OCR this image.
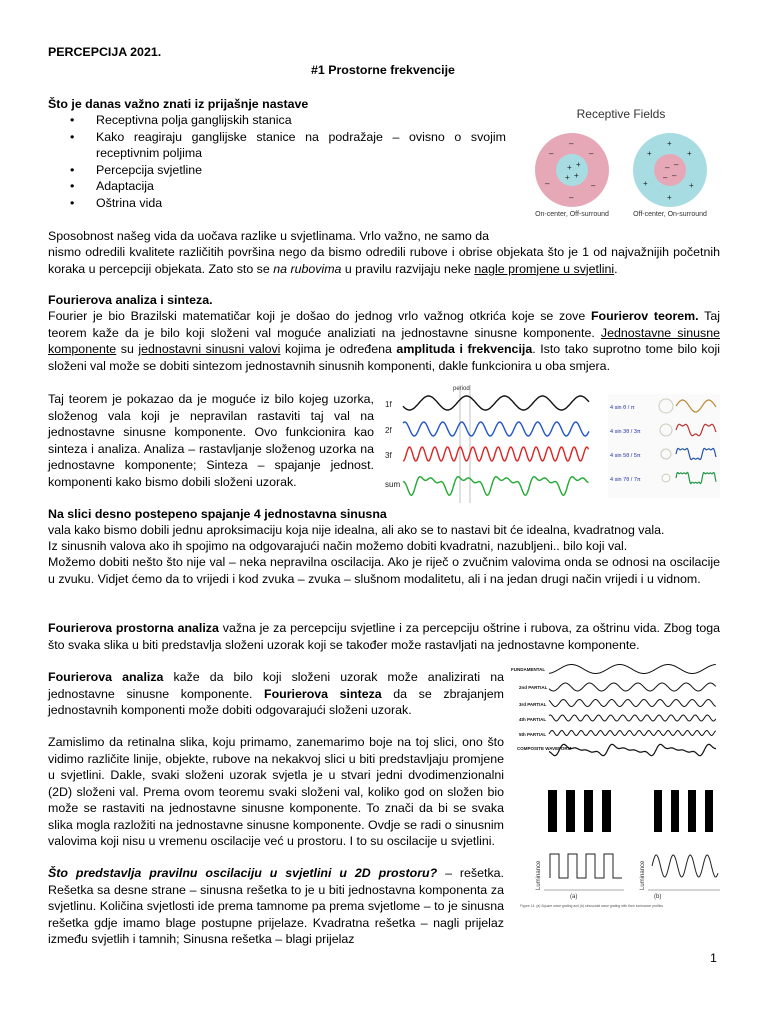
PERCEPCIJA 2021.
#1 Prostorne frekvencije
Što je danas važno znati iz prijašnje nastave
• Receptivna polja ganglijskih stanica
• Kako reagiraju ganglijske stanice na podražaje – ovisno o svojim receptivnim poljima
• Percepcija svjetline
• Adaptacija
• Oštrina vida
Receptive Fields
+
+
+
+
–	–
–	–
–
–
–
–
–
–
+	+
+	+
+
+
On-center, Off-surround	Off-center, On-surround
Sposobnost našeg vida da uočava razlike u svjetlinama. Vrlo važno, ne samo da
nismo odredili kvalitete različitih površina nego da bismo odredili rubove i obrise objekata što je 1 od najvažnijih početnih koraka u percepciji objekata. Zato sto se na rubovima u pravilu razvijaju neke nagle promjene u svjetlini.
Fourierova analiza i sinteza.
Fourier je bio Brazilski matematičar koji je došao do jednog vrlo važnog otkrića koje se zove Fourierov teorem. Taj teorem kaže da je bilo koji složeni val moguće analiziati na jednostavne sinusne komponente. Jednostavne sinusne komponente su jednostavni sinusni valovi kojima je određena amplituda i frekvencija. Isto tako suprotno tome bilo koji složeni val može se dobiti sintezom jednostavnih sinusnih komponenti, dakle funkcionira u oba smjera.
Taj teorem je pokazao da je moguće iz bilo kojeg uzorka, složenog vala koji je nepravilan rastaviti taj val na jednostavne sinusne komponente. Ovo funkcionira kao sinteza i analiza. Analiza – rastavljanje složenog uzorka na jednostavne komponente; Sinteza – spajanje jednost. komponenti kako bismo dobili složeni uzorak.
period
1f
2f
3f
sum
4 sin θ / π
4 sin 3θ / 3π
4 sin 5θ / 5π
4 sin 7θ / 7π
Na slici desno postepeno spajanje 4 jednostavna sinusna
vala kako bismo dobili jednu aproksimaciju koja nije idealna, ali ako se to nastavi bit će idealna, kvadratnog vala.
Iz sinusnih valova ako ih spojimo na odgovarajući način možemo dobiti kvadratni, nazubljeni.. bilo koji val.
Možemo dobiti nešto što nije val – neka nepravilna oscilacija. Ako je riječ o zvučnim valovima onda se odnosi na oscilacije u zvuku. Vidjet ćemo da to vrijedi i kod zvuka – zvuka – slušnom modalitetu, ali i na jedan drugi način vrijedi i u vidnom.
Fourierova prostorna analiza važna je za percepciju svjetline i za percepciju oštrine i rubova, za oštrinu vida. Zbog toga što svaka slika u biti predstavlja složeni uzorak koji se također može rastavljati na jednostavne komponente.
Fourierova analiza kaže da bilo koji složeni uzorak može analizirati na jednostavne sinusne komponente. Fourierova sinteza da se zbrajanjem jednostavnih komponenti može dobiti odgovarajući složeni uzorak.
FUNDAMENTAL
2nd PARTIAL
3rd PARTIAL
4th PARTIAL
5th PARTIAL
COMPOSITE WAVEFORM
Zamislimo da retinalna slika, koju primamo, zanemarimo boje na toj slici, ono što vidimo različite linije, objekte, rubove na nekakvoj slici u biti predstavljaju promjene u svjetlini. Dakle, svaki složeni uzorak svjetla je u stvari jedni dvodimenzionalni (2D) složeni val. Prema ovom teoremu svaki složeni val, koliko god on složen bio može se rastaviti na jednostavne sinusne komponente. To znači da bi se svaka slika mogla razložiti na jednostavne sinusne komponente. Ovdje se radi o sinusnim valovima koji nisu u vremenu oscilacije već u prostoru. I to su oscilacije u svjetlini.
Što predstavlja pravilnu oscilaciju u svjetlini u 2D prostoru? – rešetka. Rešetka sa desne strane – sinusna rešetka to je u biti jednostavna komponenta za svjetlinu. Količina svjetlosti ide prema tamnome pa prema svjetlome – to je sinusna rešetka gdje imamo blage postupne prijelaze. Kvadratna rešetka – nagli prijelaz između svjetlih i tamnih; Sinusna rešetka – blagi prijelaz
Luminance	Luminance
(a)	(b)
Figure 14. (a) Square wave grating and (b) sinusoidal wave grating with their luminance profiles
1
